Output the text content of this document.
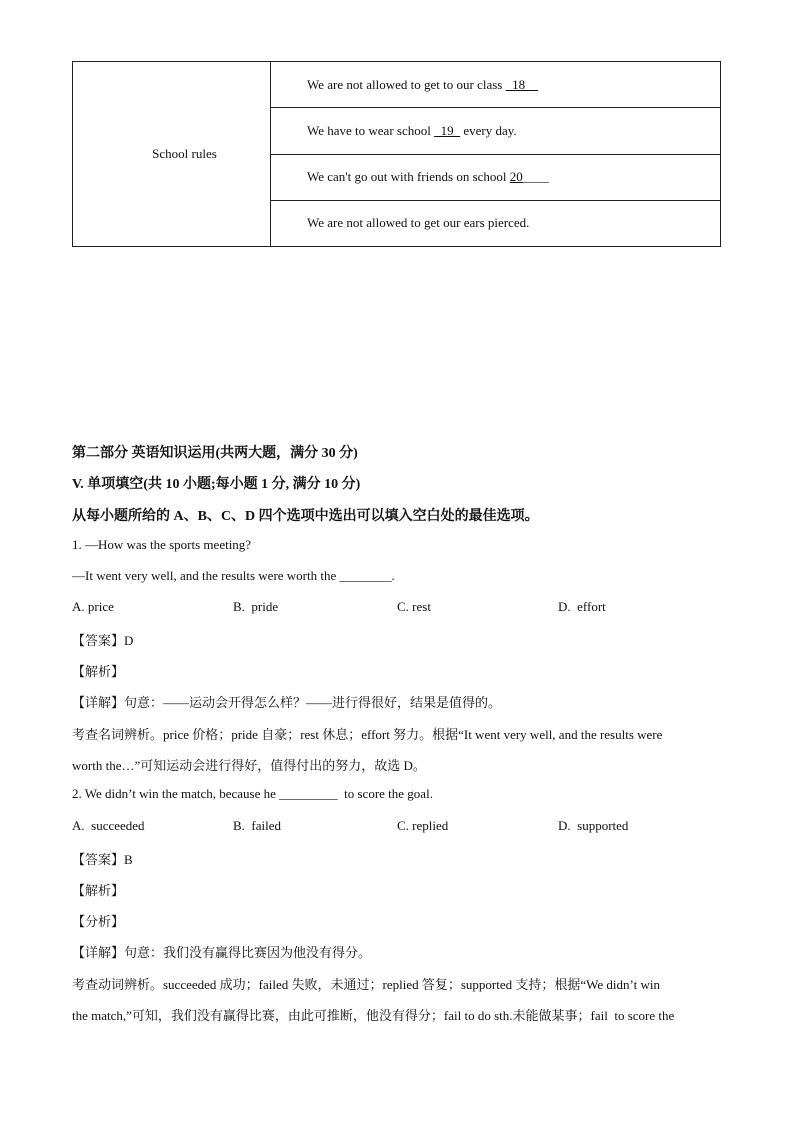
School rules	We are not allowed to get to our class   18
We have to wear school   19   every day.
We can't go out with friends on school 20____
We are not allowed to get our ears pierced.
第二部分 英语知识运用(共两大题，满分 30 分)
V. 单项填空(共 10 小题;每小题 1 分, 满分 10 分)
从每小题所给的 A、B、C、D 四个选项中选出可以填入空白处的最佳选项。
1. —How was the sports meeting?
—It went very well, and the results were worth the ________.
A. price	B.  pride	C. rest	D.  effort
【答案】D
【解析】
【详解】句意：——运动会开得怎么样？——进行得很好，结果是值得的。
考查名词辨析。price 价格；pride 自豪；rest 休息；effort 努力。根据“It went very well, and the results were
worth the…”可知运动会进行得好，值得付出的努力，故选 D。
2. We didn’t win the match, because he _________  to score the goal.
A.  succeeded	B.  failed	C. replied	D.  supported
【答案】B
【解析】
【分析】
【详解】句意：我们没有赢得比赛因为他没有得分。
考查动词辨析。succeeded 成功；failed 失败，未通过；replied 答复；supported 支持；根据“We didn’t win
the match,”可知，我们没有赢得比赛，由此可推断，他没有得分；fail to do sth.未能做某事；fail  to score the
